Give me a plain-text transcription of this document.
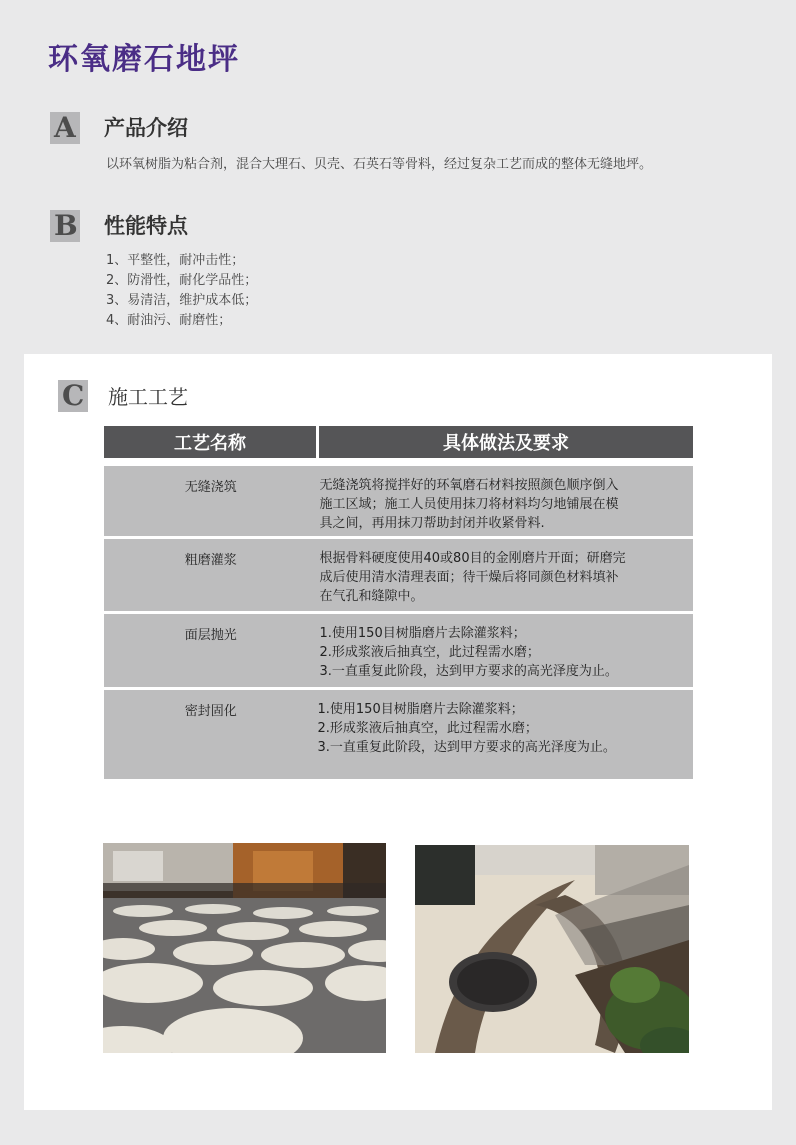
环氧磨石地坪
A 产品介绍
以环氧树脂为粘合剂，混合大理石、贝壳、石英石等骨料，经过复杂工艺而成的整体无缝地坪。
B 性能特点
1、平整性，耐冲击性；
2、防滑性，耐化学品性；
3、易清洁，维护成本低；
4、耐油污、耐磨性；
C 施工工艺
工艺名称	具体做法及要求
无缝浇筑	无缝浇筑将搅拌好的环氧磨石材料按照颜色顺序倒入
施工区域；施工人员使用抹刀将材料均匀地铺展在模
具之间，再用抹刀帮助封闭并收紧骨料.

粗磨灌浆	根据骨料硬度使用40或80目的金刚磨片开面；研磨完
成后使用清水清理表面；待干燥后将同颜色材料填补
在气孔和缝隙中。

面层抛光	1.使用150目树脂磨片去除灌浆料；
2.形成浆液后抽真空，此过程需水磨；
3.一直重复此阶段，达到甲方要求的高光泽度为止。

密封固化	1.使用150目树脂磨片去除灌浆料；
2.形成浆液后抽真空，此过程需水磨；
3.一直重复此阶段，达到甲方要求的高光泽度为止。
